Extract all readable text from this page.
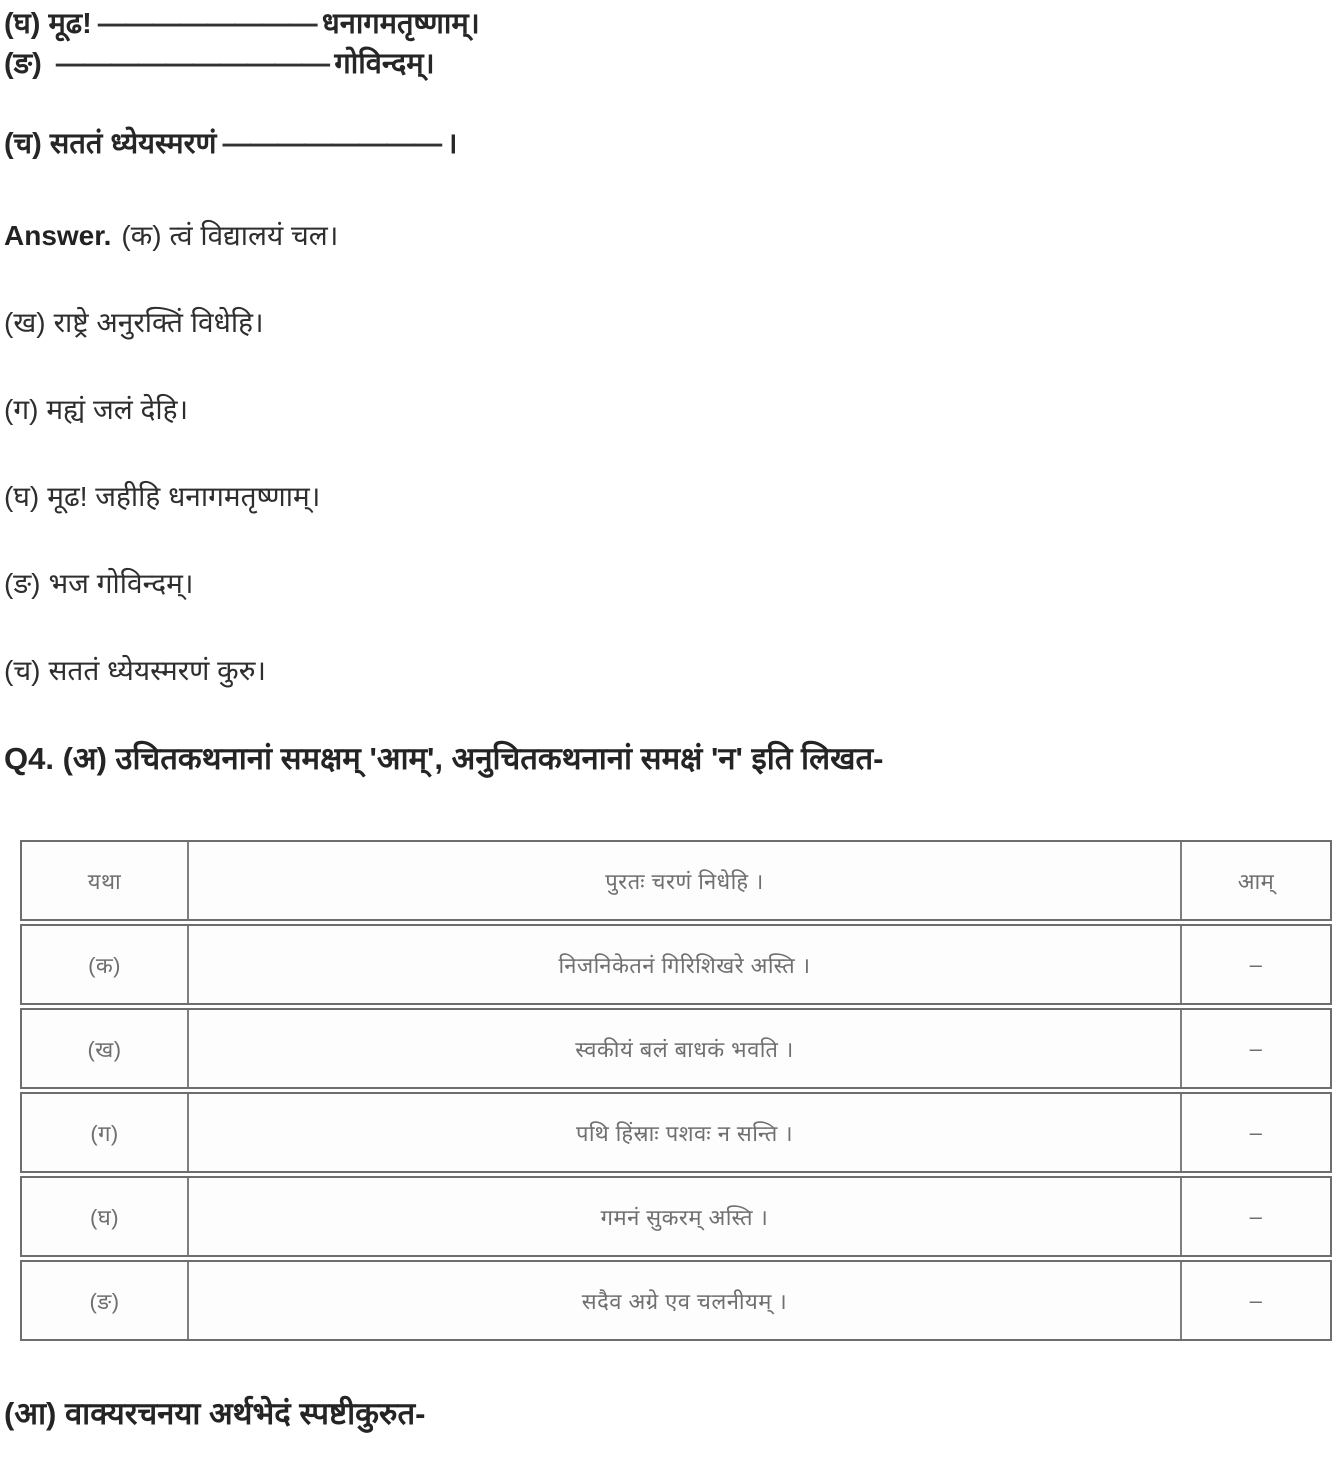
(घ) मूढ! ———————— धनागमतृष्णाम्।

(ङ) —————————— गोविन्दम्।

(च) सततं ध्येयस्मरणं ———————— ।

Answer. (क) त्वं विद्यालयं चल।

(ख) राष्ट्रे अनुरक्तिं विधेहि।

(ग) मह्यं जलं देहि।

(घ) मूढ! जहीहि धनागमतृष्णाम्।

(ङ) भज गोविन्दम्।

(च) सततं ध्येयस्मरणं कुरु।

Q4. (अ) उचितकथनानां समक्षम् 'आम्', अनुचितकथनानां समक्षं 'न' इति लिखत-
यथा	पुरतः चरणं निधेहि ।	आम्
(क)	निजनिकेतनं गिरिशिखरे अस्ति ।	–
(ख)	स्वकीयं बलं बाधकं भवति ।	–
(ग)	पथि हिंस्राः पशवः न सन्ति ।	–
(घ)	गमनं सुकरम् अस्ति ।	–
(ङ)	सदैव अग्रे एव चलनीयम् ।	–
(आ) वाक्यरचनया अर्थभेदं स्पष्टीकुरुत-
